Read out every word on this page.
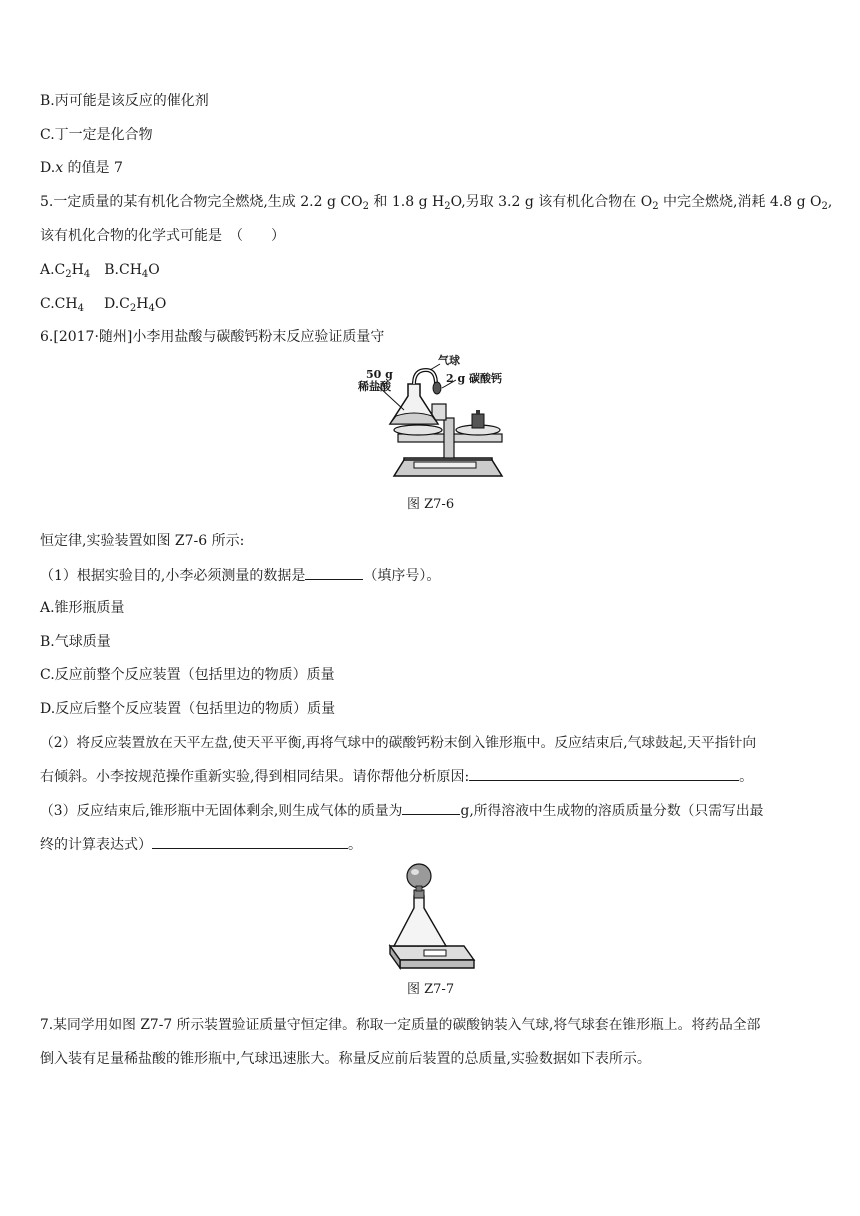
B.丙可能是该反应的催化剂
C.丁一定是化合物
D.x 的值是 7
5.一定质量的某有机化合物完全燃烧,生成 2.2 g $CO_2$ 和 1.8 g $H_2O$,另取 3.2 g 该有机化合物在 $O_2$ 中完全燃烧,消耗 4.8 g $O_2$,
该有机化合物的化学式可能是　（　　）
$A.C_2H_4$ $B.CH_4O$
$C.CH_4$ $D.C_2H_4O$
6.[2017·随州]小李用盐酸与碳酸钙粉末反应验证质量守
50 g
稀盐酸
气球
2 g 碳酸钙
图 Z7-6
恒定律,实验装置如图 Z7-6 所示:
（1）根据实验目的,小李必须测量的数据是	（填序号）。
A.锥形瓶质量
B.气球质量
C.反应前整个反应装置（包括里边的物质）质量
D.反应后整个反应装置（包括里边的物质）质量
（2）将反应装置放在天平左盘,使天平平衡,再将气球中的碳酸钙粉末倒入锥形瓶中。反应结束后,气球鼓起,天平指针向
右倾斜。小李按规范操作重新实验,得到相同结果。请你帮他分析原因:	。
（3）反应结束后,锥形瓶中无固体剩余,则生成气体的质量为	g,所得溶液中生成物的溶质质量分数（只需写出最
终的计算表达式）	。
图 Z7-7
7.某同学用如图 Z7-7 所示装置验证质量守恒定律。称取一定质量的碳酸钠装入气球,将气球套在锥形瓶上。将药品全部
倒入装有足量稀盐酸的锥形瓶中,气球迅速胀大。称量反应前后装置的总质量,实验数据如下表所示。
